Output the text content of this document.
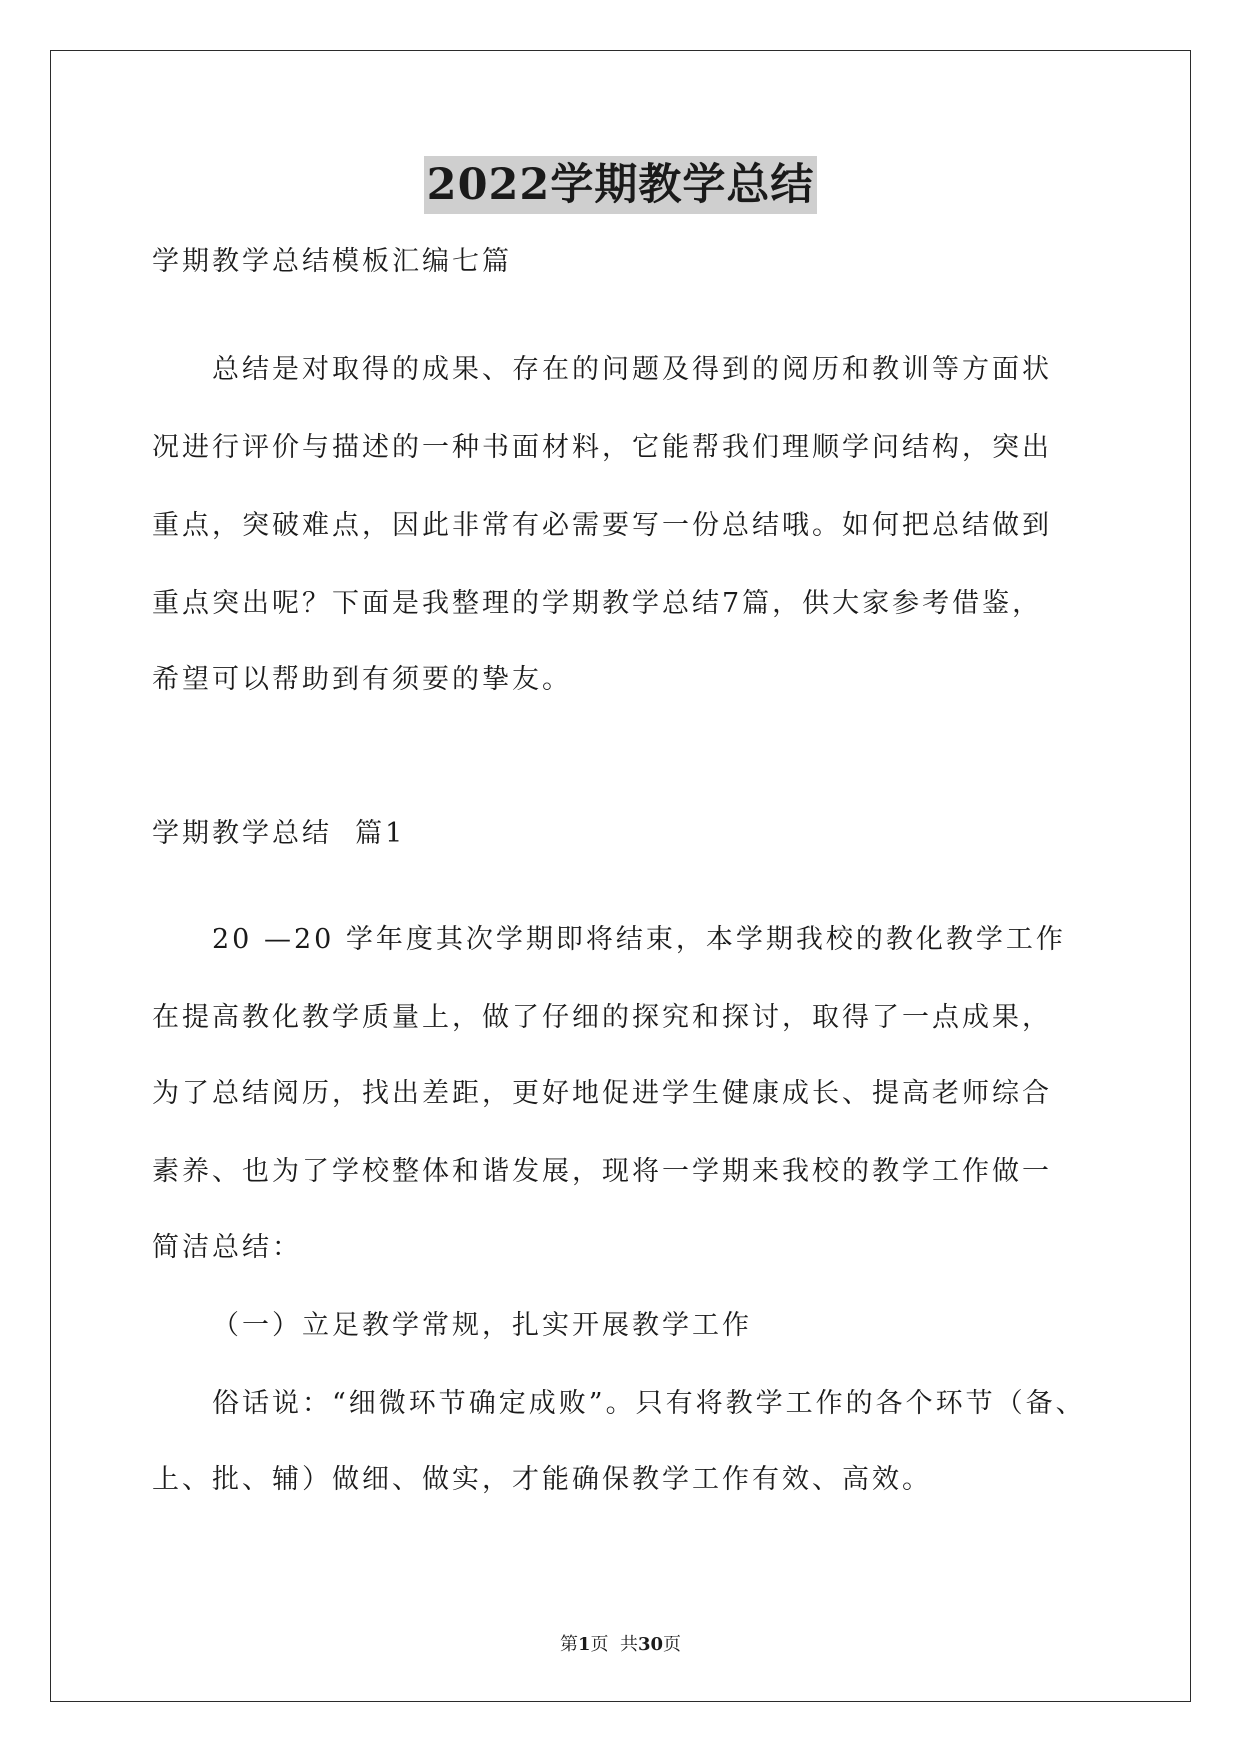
2022学期教学总结
学期教学总结模板汇编七篇
总结是对取得的成果、存在的问题及得到的阅历和教训等方面状
况进行评价与描述的一种书面材料，它能帮我们理顺学问结构，突出
重点，突破难点，因此非常有必需要写一份总结哦。如何把总结做到
重点突出呢？下面是我整理的学期教学总结7篇，供大家参考借鉴，
希望可以帮助到有须要的挚友。
学期教学总结  篇1
20 —20 学年度其次学期即将结束，本学期我校的教化教学工作
在提高教化教学质量上，做了仔细的探究和探讨，取得了一点成果，
为了总结阅历，找出差距，更好地促进学生健康成长、提高老师综合
素养、也为了学校整体和谐发展，现将一学期来我校的教学工作做一
简洁总结：
（一）立足教学常规，扎实开展教学工作
俗话说：“细微环节确定成败”。只有将教学工作的各个环节（备、
上、批、辅）做细、做实，才能确保教学工作有效、高效。
第1页  共30页
